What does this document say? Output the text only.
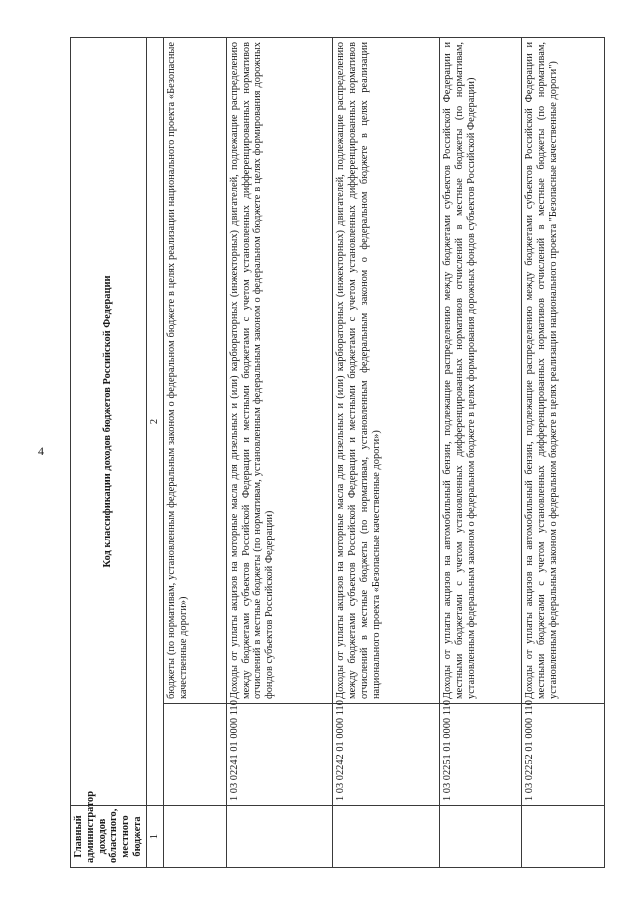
4
Главный администратор доходов областного, местного бюджета	Код классификации доходов бюджетов Российской Федерации	
1	2	
		бюджеты (по нормативам, установленным федеральным законом о федеральном бюджете в целях реализации национального проекта «Безопасные качественные дороги»)
	1 03 02241 01 0000 110	Доходы от уплаты акцизов на моторные масла для дизельных и (или) карбюраторных (инжекторных) двигателей, подлежащие распределению между бюджетами субъектов Российской Федерации и местными бюджетами с учетом установленных дифференцированных нормативов отчислений в местные бюджеты (по нормативам, установленным федеральным законом о федеральном бюджете в целях формирования дорожных фондов субъектов Российской Федерации)
	1 03 02242 01 0000 110	Доходы от уплаты акцизов на моторные масла для дизельных и (или) карбюраторных (инжекторных) двигателей, подлежащие распределению между бюджетами субъектов Российской Федерации и местными бюджетами с учетом установленных дифференцированных нормативов отчислений в местные бюджеты (по нормативам, установленным федеральным законом о федеральном бюджете в целях реализации национального проекта «Безопасные качественные дороги»)
	1 03 02251 01 0000 110	Доходы от уплаты акцизов на автомобильный бензин, подлежащие распределению между бюджетами субъектов Российской Федерации и местными бюджетами с учетом установленных дифференцированных нормативов отчислений в местные бюджеты (по нормативам, установленным федеральным законом о федеральном бюджете в целях формирования дорожных фондов субъектов Российской Федерации)
	1 03 02252 01 0000 110	Доходы от уплаты акцизов на автомобильный бензин, подлежащие распределению между бюджетами субъектов Российской Федерации и местными бюджетами с учетом установленных дифференцированных нормативов отчислений в местные бюджеты (по нормативам, установленным федеральным законом о федеральном бюджете в целях реализации национального проекта "Безопасные качественные дороги")
